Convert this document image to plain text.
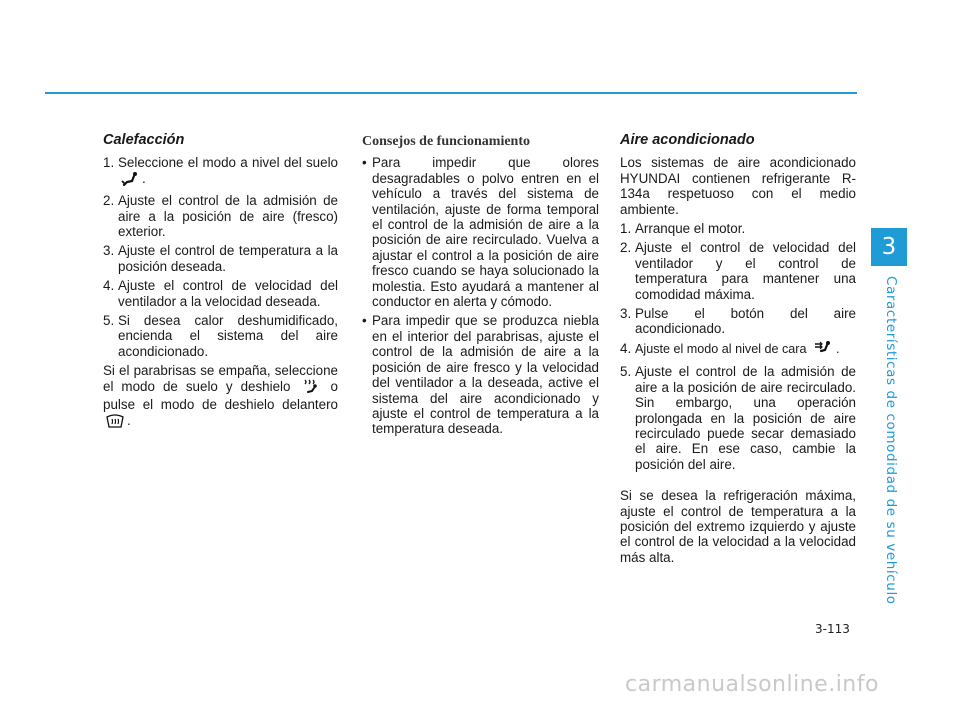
Calefacción
1. Seleccione el modo a nivel del suelo .
2. Ajuste el control de la admisión de aire a la posición de aire (fresco) exterior.
3. Ajuste el control de temperatura a la posición deseada.
4. Ajuste el control de velocidad del ventilador a la velocidad deseada.
5. Si desea calor deshumidificado, encienda el sistema del aire acondicionado.

Si el parabrisas se empaña, seleccione el modo de suelo y deshielo	o pulse el modo de deshielo delantero .

Consejos de funcionamiento
• Para impedir que olores desagradables o polvo entren en el vehículo a través del sistema de ventilación, ajuste de forma temporal el control de la admisión de aire a la posición de aire recirculado. Vuelva a ajustar el control a la posición de aire fresco cuando se haya solucionado la molestia. Esto ayudará a mantener al conductor en alerta y cómodo.
• Para impedir que se produzca niebla en el interior del parabrisas, ajuste el control de la admisión de aire a la posición de aire fresco y la velocidad del ventilador a la deseada, active el sistema del aire acondicionado y ajuste el control de temperatura a la temperatura deseada.
Aire acondicionado

Los sistemas de aire acondicionado HYUNDAI contienen refrigerante R-134a respetuoso con el medio ambiente.

1. Arranque el motor.
2. Ajuste el control de velocidad del ventilador y el control de temperatura para mantener una comodidad máxima.
3. Pulse el botón del aire acondicionado.
4. Ajuste el modo al nivel de cara .
5. Ajuste el control de la admisión de aire a la posición de aire recirculado. Sin embargo, una operación prolongada en la posición de aire recirculado puede secar demasiado el aire. En ese caso, cambie la posición del aire.

Si se desea la refrigeración máxima, ajuste el control de temperatura a la posición del extremo izquierdo y ajuste el control de la velocidad a la velocidad más alta.

3
Características de comodidad de su vehículo
3-113
carmanualsonline.info
